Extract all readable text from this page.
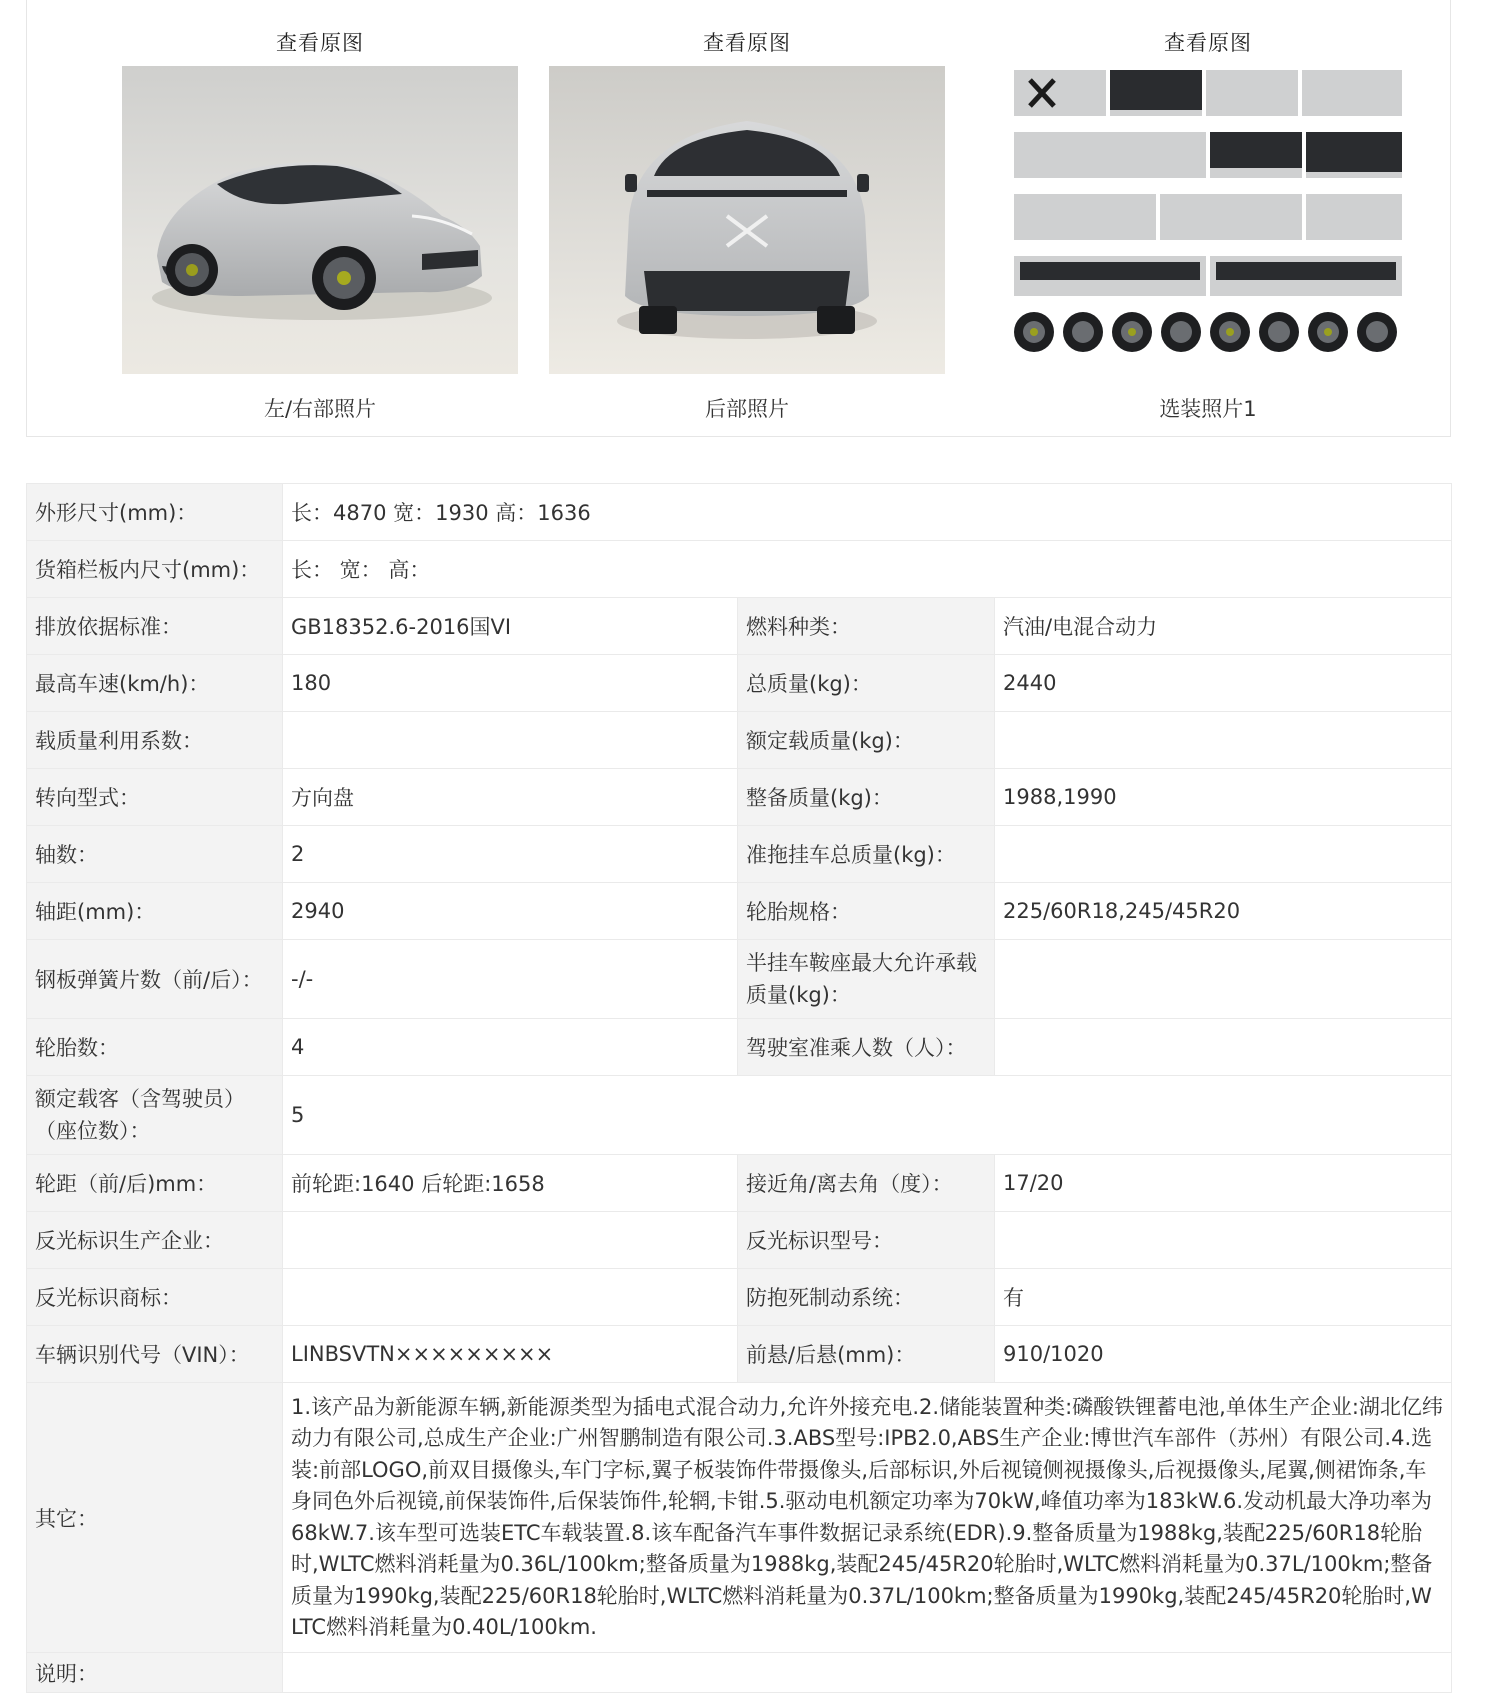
查看原图
左/右部照片
查看原图
后部照片
查看原图
选装照片1
外形尺寸(mm)：	长：4870 宽：1930 高：1636		
货箱栏板内尺寸(mm)：	长： 宽： 高：		
排放依据标准：	GB18352.6-2016国VI	燃料种类：	汽油/电混合动力
最高车速(km/h)：	180	总质量(kg)：	2440
载质量利用系数：		额定载质量(kg)：	
转向型式：	方向盘	整备质量(kg)：	1988,1990
轴数：	2	准拖挂车总质量(kg)：	
轴距(mm)：	2940	轮胎规格：	225/60R18,245/45R20
钢板弹簧片数（前/后）：	-/-	半挂车鞍座最大允许承载质量(kg)：	
轮胎数：	4	驾驶室准乘人数（人）：	
额定载客（含驾驶员）（座位数）：	5		
轮距（前/后)mm：	前轮距:1640 后轮距:1658	接近角/离去角（度）：	17/20
反光标识生产企业：		反光标识型号：	
反光标识商标：		防抱死制动系统：	有
车辆识别代号（VIN）：	LINBSVTN×××××××××	前悬/后悬(mm)：	910/1020
其它：	1.该产品为新能源车辆,新能源类型为插电式混合动力,允许外接充电.2.储能装置种类:磷酸铁锂蓄电池,单体生产企业:湖北亿纬动力有限公司,总成生产企业:广州智鹏制造有限公司.3.ABS型号:IPB2.0,ABS生产企业:博世汽车部件（苏州）有限公司.4.选装:前部LOGO,前双目摄像头,车门字标,翼子板装饰件带摄像头,后部标识,外后视镜侧视摄像头,后视摄像头,尾翼,侧裙饰条,车身同色外后视镜,前保装饰件,后保装饰件,轮辋,卡钳.5.驱动电机额定功率为70kW,峰值功率为183kW.6.发动机最大净功率为68kW.7.该车型可选装ETC车载装置.8.该车配备汽车事件数据记录系统(EDR).9.整备质量为1988kg,装配225/60R18轮胎时,WLTC燃料消耗量为0.36L/100km;整备质量为1988kg,装配245/45R20轮胎时,WLTC燃料消耗量为0.37L/100km;整备质量为1990kg,装配225/60R18轮胎时,WLTC燃料消耗量为0.37L/100km;整备质量为1990kg,装配245/45R20轮胎时,WLTC燃料消耗量为0.40L/100km.		
说明：			
